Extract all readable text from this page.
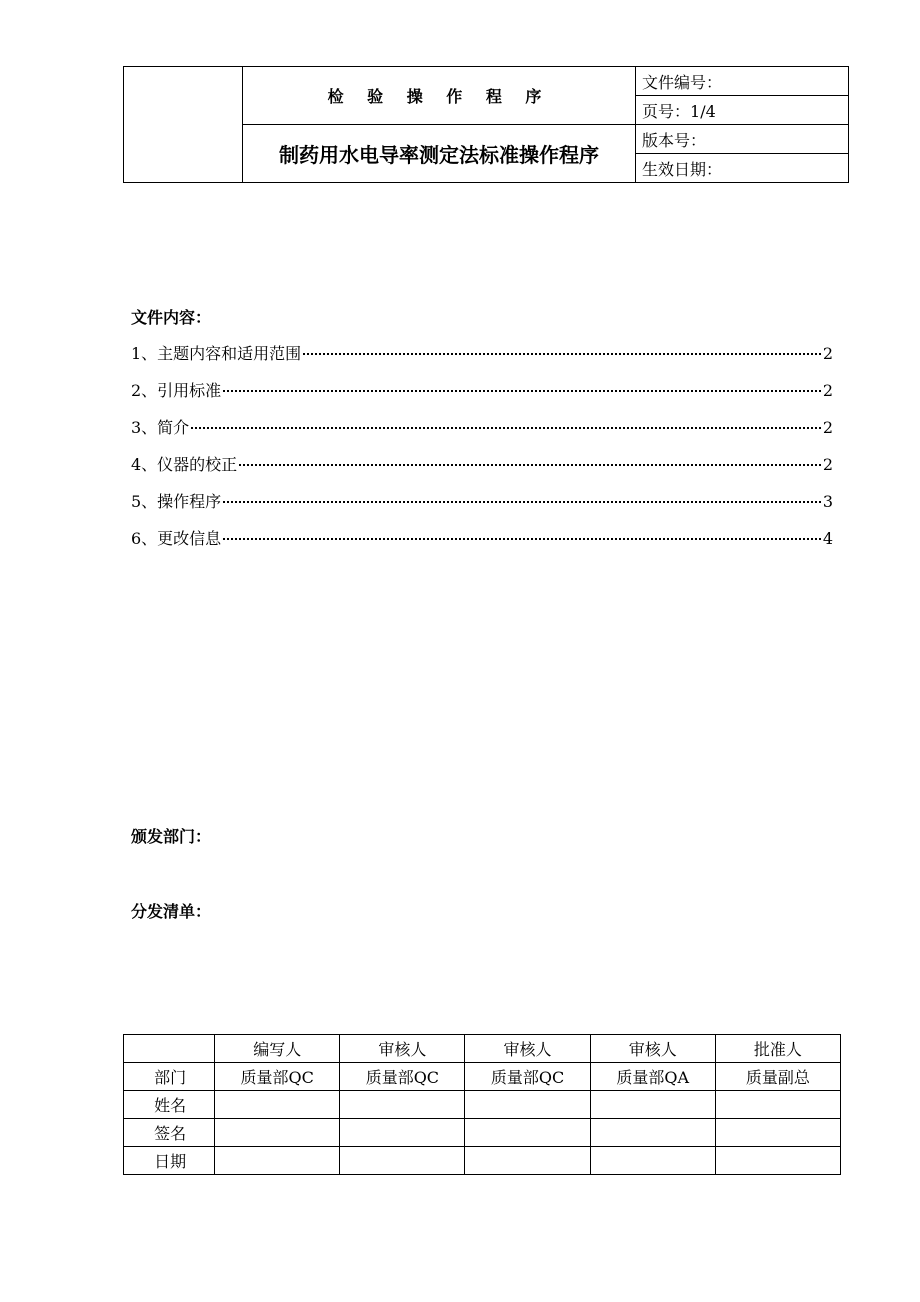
	检 验 操 作 程 序	文件编号：
		页号：1/4
	制药用水电导率测定法标准操作程序	版本号：
		生效日期：
文件内容：
1、主题内容和适用范围	2
2、引用标准	2
3、简介	2
4、仪器的校正	2
5、操作程序	3
6、更改信息	4
颁发部门：
分发清单：
	编写人	审核人	审核人	审核人	批准人
部门	质量部QC	质量部QC	质量部QC	质量部QA	质量副总
姓名					
签名					
日期					
